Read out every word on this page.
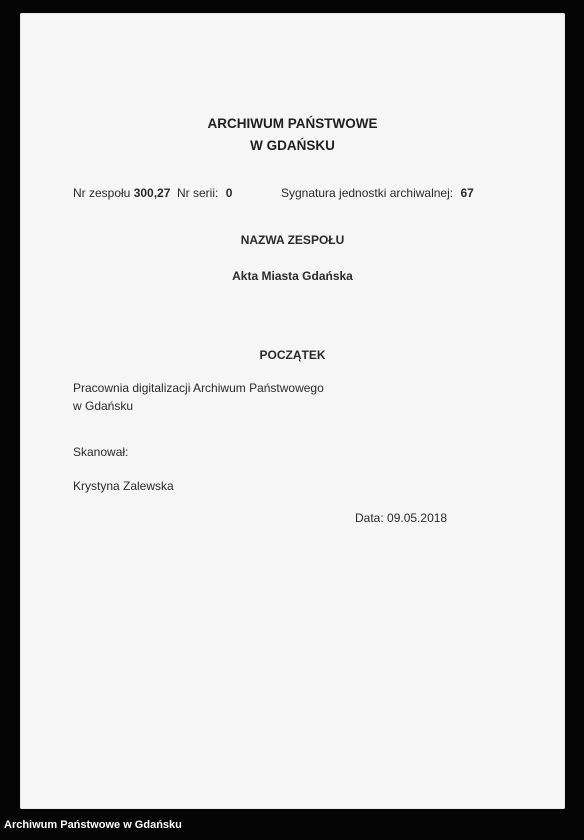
ARCHIWUM PAŃSTWOWE
W GDAŃSKU
Nr zespołu 300,27 Nr serii: 0	Sygnatura jednostki archiwalnej: 67
NAZWA ZESPOŁU
Akta Miasta Gdańska
POCZĄTEK
Pracownia digitalizacji Archiwum Państwowego
w Gdańsku
Skanował:
Krystyna Zalewska
Data: 09.05.2018
Archiwum Państwowe w Gdańsku
